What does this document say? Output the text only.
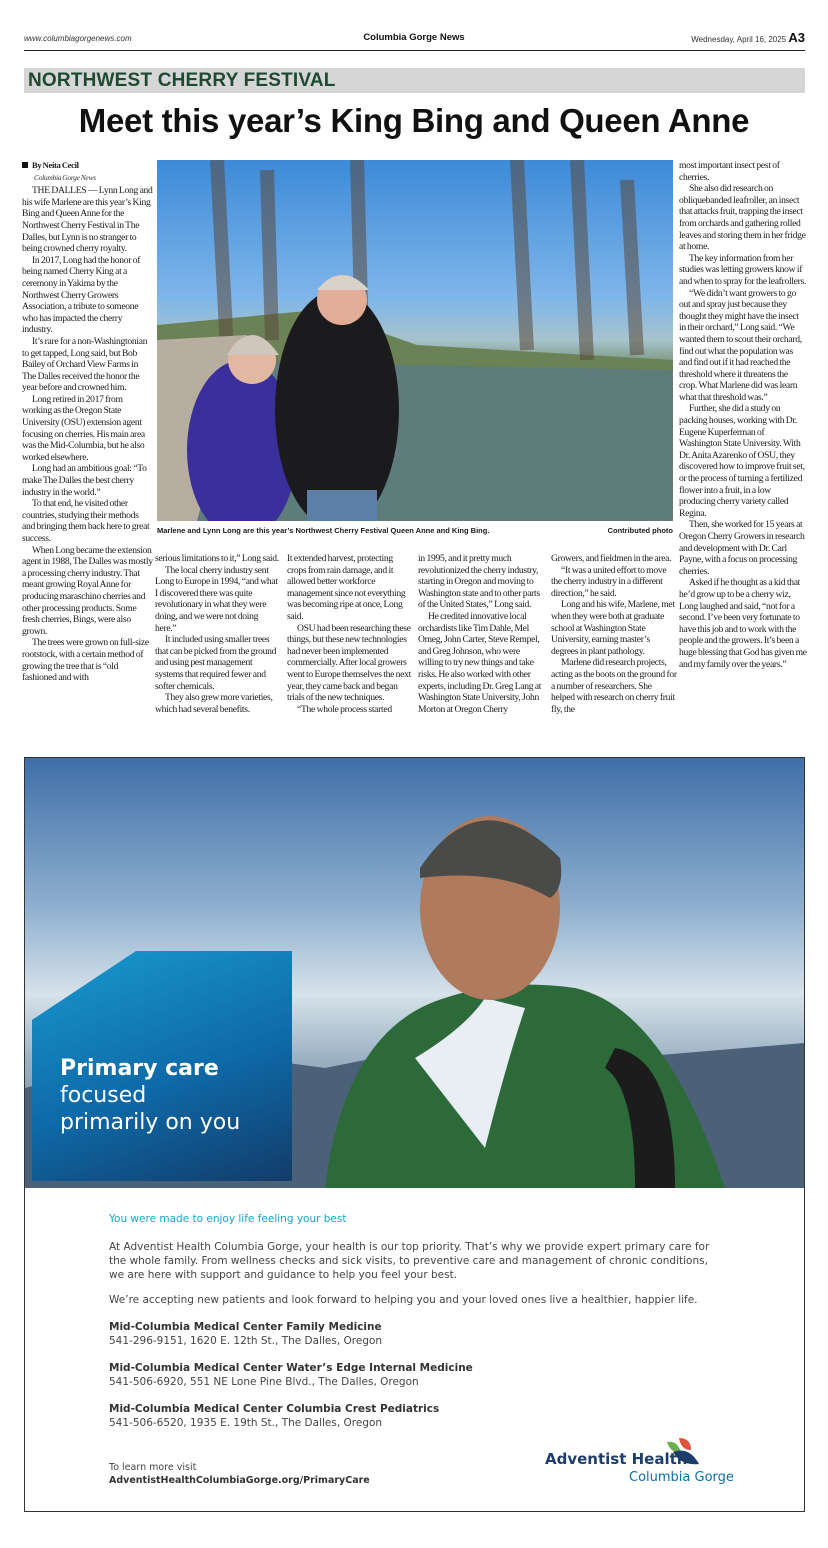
www.columbiagorgenews.com	Columbia Gorge News	Wednesday, April 16, 2025 A3
NORTHWEST CHERRY FESTIVAL
Meet this year’s King Bing and Queen Anne
By Neita Cecil
Columbia Gorge News

THE DALLES — Lynn Long and his wife Marlene are this year’s King Bing and Queen Anne for the Northwest Cherry Festival in The Dalles, but Lynn is no stranger to being crowned cherry royalty.

In 2017, Long had the honor of being named Cherry King at a ceremony in Yakima by the Northwest Cherry Growers Association, a tribute to someone who has impacted the cherry industry.

It’s rare for a non-Washingtonian to get tapped, Long said, but Bob Bailey of Orchard View Farms in The Dalles received the honor the year before and crowned him.

Long retired in 2017 from working as the Oregon State University (OSU) extension agent focusing on cherries. His main area was the Mid-Columbia, but he also worked elsewhere.

Long had an ambitious goal: “To make The Dalles the best cherry industry in the world.”

To that end, he visited other countries, studying their methods and bringing them back here to great success.

When Long became the extension agent in 1988, The Dalles was mostly a processing cherry industry. That meant growing Royal Anne for producing maraschino cherries and other processing products. Some fresh cherries, Bings, were also grown.

The trees were grown on full-size rootstock, with a certain method of growing the tree that is “old fashioned and with

Marlene and Lynn Long are this year’s Northwest Cherry Festival Queen Anne and King Bing.	Contributed photo

serious limitations to it,” Long said.

The local cherry industry sent Long to Europe in 1994, “and what I discovered there was quite revolutionary in what they were doing, and we were not doing here.”

It included using smaller trees that can be picked from the ground and using pest management systems that required fewer and softer chemicals.

They also grew more varieties, which had several benefits.

It extended harvest, protecting crops from rain damage, and it allowed better workforce management since not everything was becoming ripe at once, Long said.

OSU had been researching these things, but these new technologies had never been implemented commercially. After local growers went to Europe themselves the next year, they came back and began trials of the new techniques.

“The whole process started

in 1995, and it pretty much revolutionized the cherry industry, starting in Oregon and moving to Washington state and to other parts of the United States,” Long said.

He credited innovative local orchardists like Tim Dahle, Mel Omeg, John Carter, Steve Rempel, and Greg Johnson, who were willing to try new things and take risks. He also worked with other experts, including Dr. Greg Lang at Washington State University, John Morton at Oregon Cherry

Growers, and fieldmen in the area.

“It was a united effort to move the cherry industry in a different direction,” he said.

Long and his wife, Marlene, met when they were both at graduate school at Washington State University, earning master’s degrees in plant pathology.

Marlene did research projects, acting as the boots on the ground for a number of researchers. She helped with research on cherry fruit fly, the

most important insect pest of cherries.

She also did research on obliquebanded leafroller, an insect that attacks fruit, trapping the insect from orchards and gathering rolled leaves and storing them in her fridge at home.

The key information from her studies was letting growers know if and when to spray for the leafrollers.

“We didn’t want growers to go out and spray just because they thought they might have the insect in their orchard,” Long said. “We wanted them to scout their orchard, find out what the population was and find out if it had reached the threshold where it threatens the crop. What Marlene did was learn what that threshold was.”

Further, she did a study on packing houses, working with Dr. Eugene Kuperferman of Washington State University. With Dr. Anita Azarenko of OSU, they discovered how to improve fruit set, or the process of turning a fertilized flower into a fruit, in a low producing cherry variety called Regina.

Then, she worked for 15 years at Oregon Cherry Growers in research and development with Dr. Carl Payne, with a focus on processing cherries.

Asked if he thought as a kid that he’d grow up to be a cherry wiz, Long laughed and said, “not for a second. I’ve been very fortunate to have this job and to work with the people and the growers. It’s been a huge blessing that God has given me and my family over the years.”

Primary care
focused primarily on you
You were made to enjoy life feeling your best
At Adventist Health Columbia Gorge, your health is our top priority. That’s why we provide expert primary care for the whole family. From wellness checks and sick visits, to preventive care and management of chronic conditions, we are here with support and guidance to help you feel your best.
We’re accepting new patients and look forward to helping you and your loved ones live a healthier, happier life.
Mid-Columbia Medical Center Family Medicine
541-296-9151, 1620 E. 12th St., The Dalles, Oregon
Mid-Columbia Medical Center Water’s Edge Internal Medicine
541-506-6920, 551 NE Lone Pine Blvd., The Dalles, Oregon
Mid-Columbia Medical Center Columbia Crest Pediatrics
541-506-6520, 1935 E. 19th St., The Dalles, Oregon
To learn more visit
AdventistHealthColumbiaGorge.org/PrimaryCare
Adventist Health
Columbia Gorge
